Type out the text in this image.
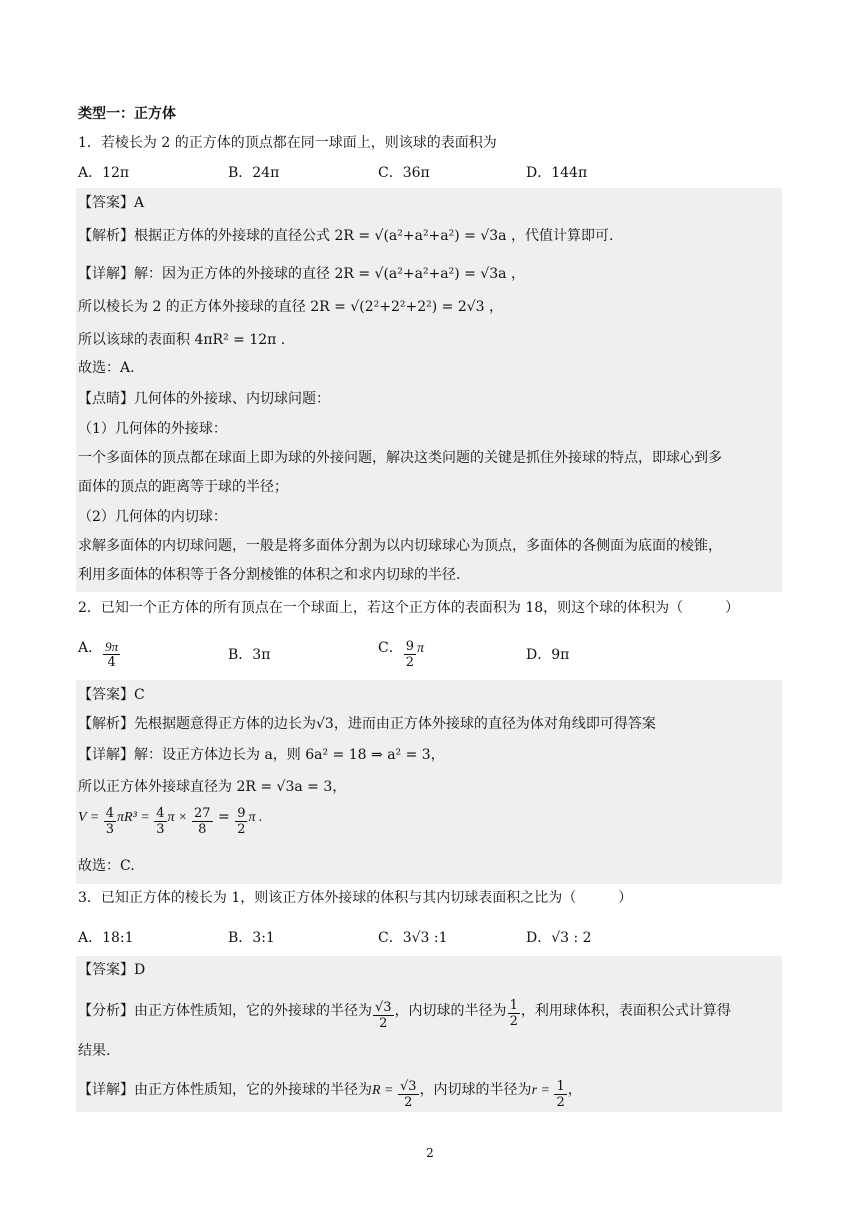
类型一：正方体
1．若棱长为 2 的正方体的顶点都在同一球面上，则该球的表面积为
A．12π	B．24π	C．36π	D．144π
【答案】A
【解析】根据正方体的外接球的直径公式 2R = √(a²+a²+a²) = √3a ，代值计算即可.
【详解】解：因为正方体的外接球的直径 2R = √(a²+a²+a²) = √3a ，
所以棱长为 2 的正方体外接球的直径 2R = √(2²+2²+2²) = 2√3 ，
所以该球的表面积 4πR² = 12π .
故选：A.
【点睛】几何体的外接球、内切球问题：
（1）几何体的外接球：
一个多面体的顶点都在球面上即为球的外接问题，解决这类问题的关键是抓住外接球的特点，即球心到多
面体的顶点的距离等于球的半径；
（2）几何体的内切球：
求解多面体的内切球问题，一般是将多面体分割为以内切球球心为顶点，多面体的各侧面为底面的棱锥，
利用多面体的体积等于各分割棱锥的体积之和求内切球的半径.
2．已知一个正方体的所有顶点在一个球面上，若这个正方体的表面积为 18，则这个球的体积为（　　　）
A． $\frac{9\pi}{4}$	B．3π	C． $\frac{9}{2}$ π	D．9π
【答案】C
【解析】先根据题意得正方体的边长为√3，进而由正方体外接球的直径为体对角线即可得答案
【详解】解：设正方体边长为 a，则 6a² = 18 ⇒ a² = 3，
所以正方体外接球直径为 2R = √3a = 3，
$V = \frac{4}{3} \pi R^3 = \frac{4}{3}$ $\pi \times \frac{27}{8} = \frac{9}{2}$ π .
故选：C.
3．已知正方体的棱长为 1，则该正方体外接球的体积与其内切球表面积之比为（　　　）
A．18:1	B．3:1	C．3√3 :1	D．√3 : 2
【答案】D
【分析】由正方体性质知，它的外接球的半径为 $\frac{√3}{2}$ ，内切球的半径为 $\frac{1}{2}$ ，利用球体积，表面积公式计算得
结果.
【详解】由正方体性质知，它的外接球的半径为$R = \frac{√3}{2}$ ，内切球的半径为$r = \frac{1}{2}$ ，
2
